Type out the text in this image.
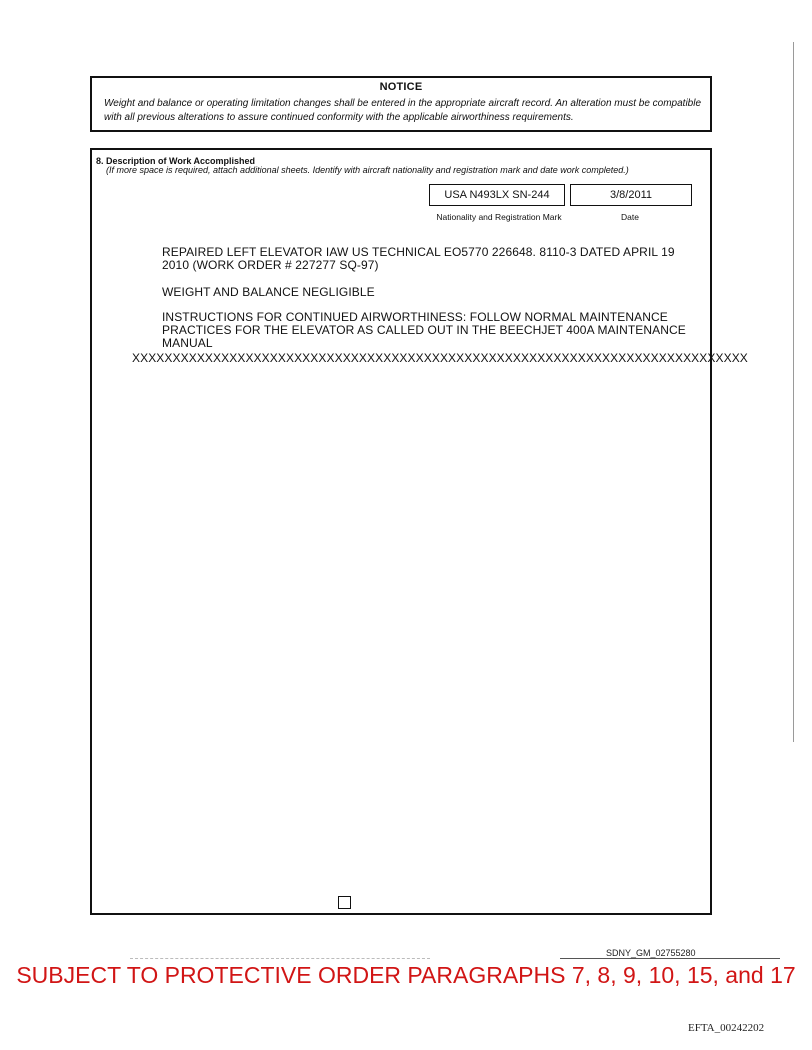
NOTICE
Weight and balance or operating limitation changes shall be entered in the appropriate aircraft record. An alteration must be compatible with all previous alterations to assure continued conformity with the applicable airworthiness requirements.
8. Description of Work Accomplished
(If more space is required, attach additional sheets. Identify with aircraft nationality and registration mark and date work completed.)
USA N493LX SN-244	3/8/2011
Nationality and Registration Mark	Date
REPAIRED LEFT ELEVATOR IAW US TECHNICAL EO5770 226648. 8110-3 DATED APRIL 19 2010 (WORK ORDER # 227277 SQ-97)
WEIGHT AND BALANCE NEGLIGIBLE
INSTRUCTIONS FOR CONTINUED AIRWORTHINESS: FOLLOW NORMAL MAINTENANCE PRACTICES FOR THE ELEVATOR AS CALLED OUT IN THE BEECHJET 400A MAINTENANCE MANUAL
XXXXXXXXXXXXXXXXXXXXXXXXXXXXXXXXXXXXXXXXXXXXXXXXXXXXXXXXXXXXXXXXXXXXXXXXXXXX
SDNY_GM_02755280
SUBJECT TO PROTECTIVE ORDER PARAGRAPHS 7, 8, 9, 10, 15, and 17
EFTA_00242202
